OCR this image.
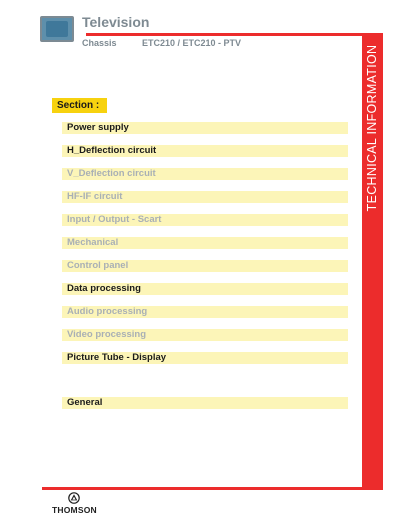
Television
Chassis	ETC210 / ETC210 - PTV
TECHNICAL INFORMATION
Section :
Power supply
H_Deflection circuit
V_Deflection circuit
HF-IF circuit
Input / Output - Scart
Mechanical
Control panel
Data processing
Audio processing
Video processing
Picture Tube - Display
General
THOMSON
